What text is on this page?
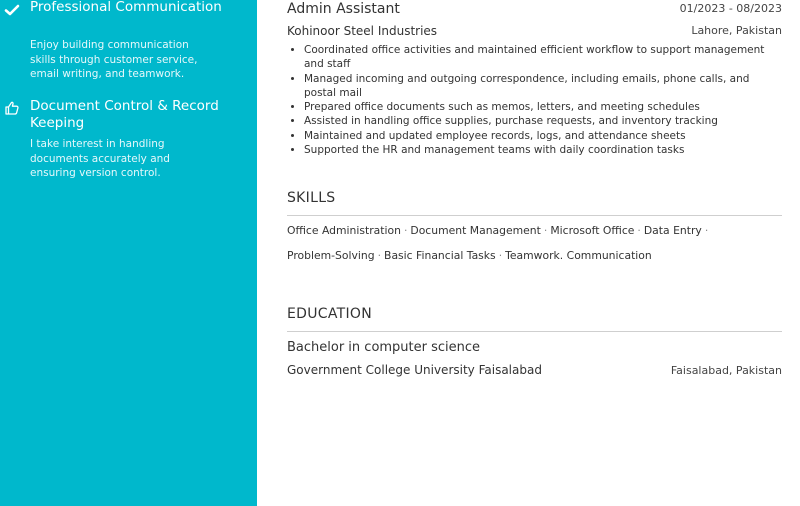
Professional Communication
Enjoy building communication skills through customer service, email writing, and teamwork.
Document Control & Record Keeping
I take interest in handling documents accurately and ensuring version control.
Admin Assistant	01/2023 - 08/2023
Kohinoor Steel Industries	Lahore, Pakistan
• Coordinated office activities and maintained efficient workflow to support management and staff
• Managed incoming and outgoing correspondence, including emails, phone calls, and postal mail
• Prepared office documents such as memos, letters, and meeting schedules
• Assisted in handling office supplies, purchase requests, and inventory tracking
• Maintained and updated employee records, logs, and attendance sheets
• Supported the HR and management teams with daily coordination tasks
SKILLS
Office Administration · Document Management · Microsoft Office · Data Entry ·
Problem-Solving · Basic Financial Tasks · Teamwork. Communication
EDUCATION
Bachelor in computer science
Government College University Faisalabad	Faisalabad, Pakistan
